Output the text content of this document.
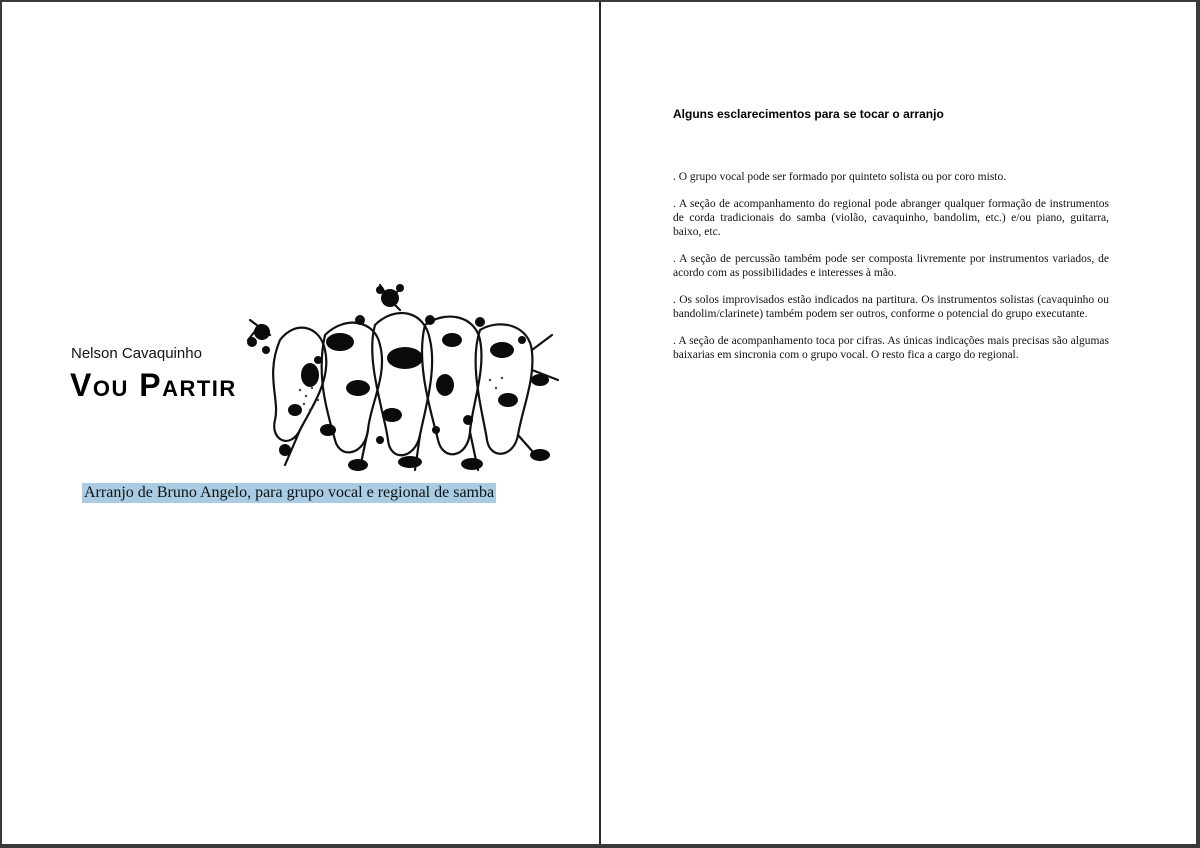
Nelson Cavaquinho
Vou Partir
Arranjo de Bruno Angelo, para grupo vocal e regional de samba
Alguns esclarecimentos para se tocar o arranjo

. O grupo vocal pode ser formado por quinteto solista ou por coro misto.

. A seção de acompanhamento do regional pode abranger qualquer formação de instrumentos de corda tradicionais do samba (violão, cavaquinho, bandolim, etc.) e/ou piano, guitarra, baixo, etc.

. A seção de percussão também pode ser composta livremente por instrumentos variados, de acordo com as possibilidades e interesses à mão.

. Os solos improvisados estão indicados na partitura. Os instrumentos solistas (cavaquinho ou bandolim/clarinete) também podem ser outros, conforme o potencial do grupo executante.

. A seção de acompanhamento toca por cifras. As únicas indicações mais precisas são algumas baixarias em sincronia com o grupo vocal. O resto fica a cargo do regional.
